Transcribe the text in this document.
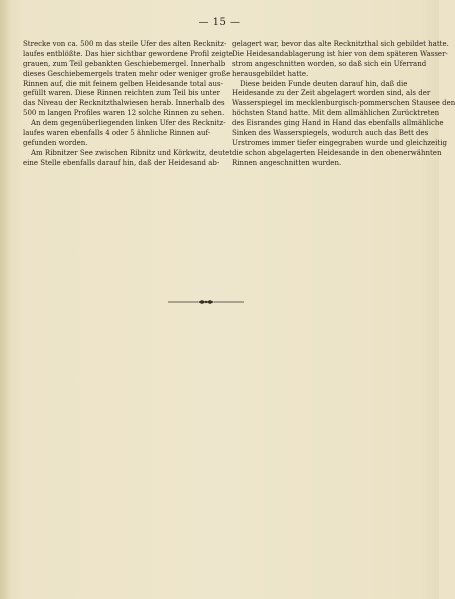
— 15 —
Strecke von ca. 500 m das steile Ufer des alten Recknitz-
laufes entblößte. Das hier sichtbar gewordene Profil zeigte
grauen, zum Teil gebankten Geschiebemergel. Innerhalb
dieses Geschiebemergels traten mehr oder weniger große
Rinnen auf, die mit feinem gelben Heidesande total aus-
gefüllt waren. Diese Rinnen reichten zum Teil bis unter
das Niveau der Recknitzthalwiesen herab. Innerhalb des
500 m langen Profiles waren 12 solche Rinnen zu sehen.
An dem gegenüberliegenden linken Ufer des Recknitz-
laufes waren ebenfalls 4 oder 5 ähnliche Rinnen auf-
gefunden worden.
Am Ribnitzer See zwischen Ribnitz und Körkwitz, deutet
eine Stelle ebenfalls darauf hin, daß der Heidesand ab-
gelagert war, bevor das alte Recknitzthal sich gebildet hatte.
Die Heidesandablagerung ist hier von dem späteren Wasser-
strom angeschnitten worden, so daß sich ein Uferrand
herausgebildet hatte.
Diese beiden Funde deuten darauf hin, daß die
Heidesande zu der Zeit abgelagert worden sind, als der
Wasserspiegel im mecklenburgisch-pommerschen Stausee den
höchsten Stand hatte. Mit dem allmählichen Zurücktreten
des Eisrandes ging Hand in Hand das ebenfalls allmähliche
Sinken des Wasserspiegels, wodurch auch das Bett des
Urstromes immer tiefer eingegraben wurde und gleichzeitig
die schon abgelagerten Heidesande in den obenerwähnten
Rinnen angeschnitten wurden.
